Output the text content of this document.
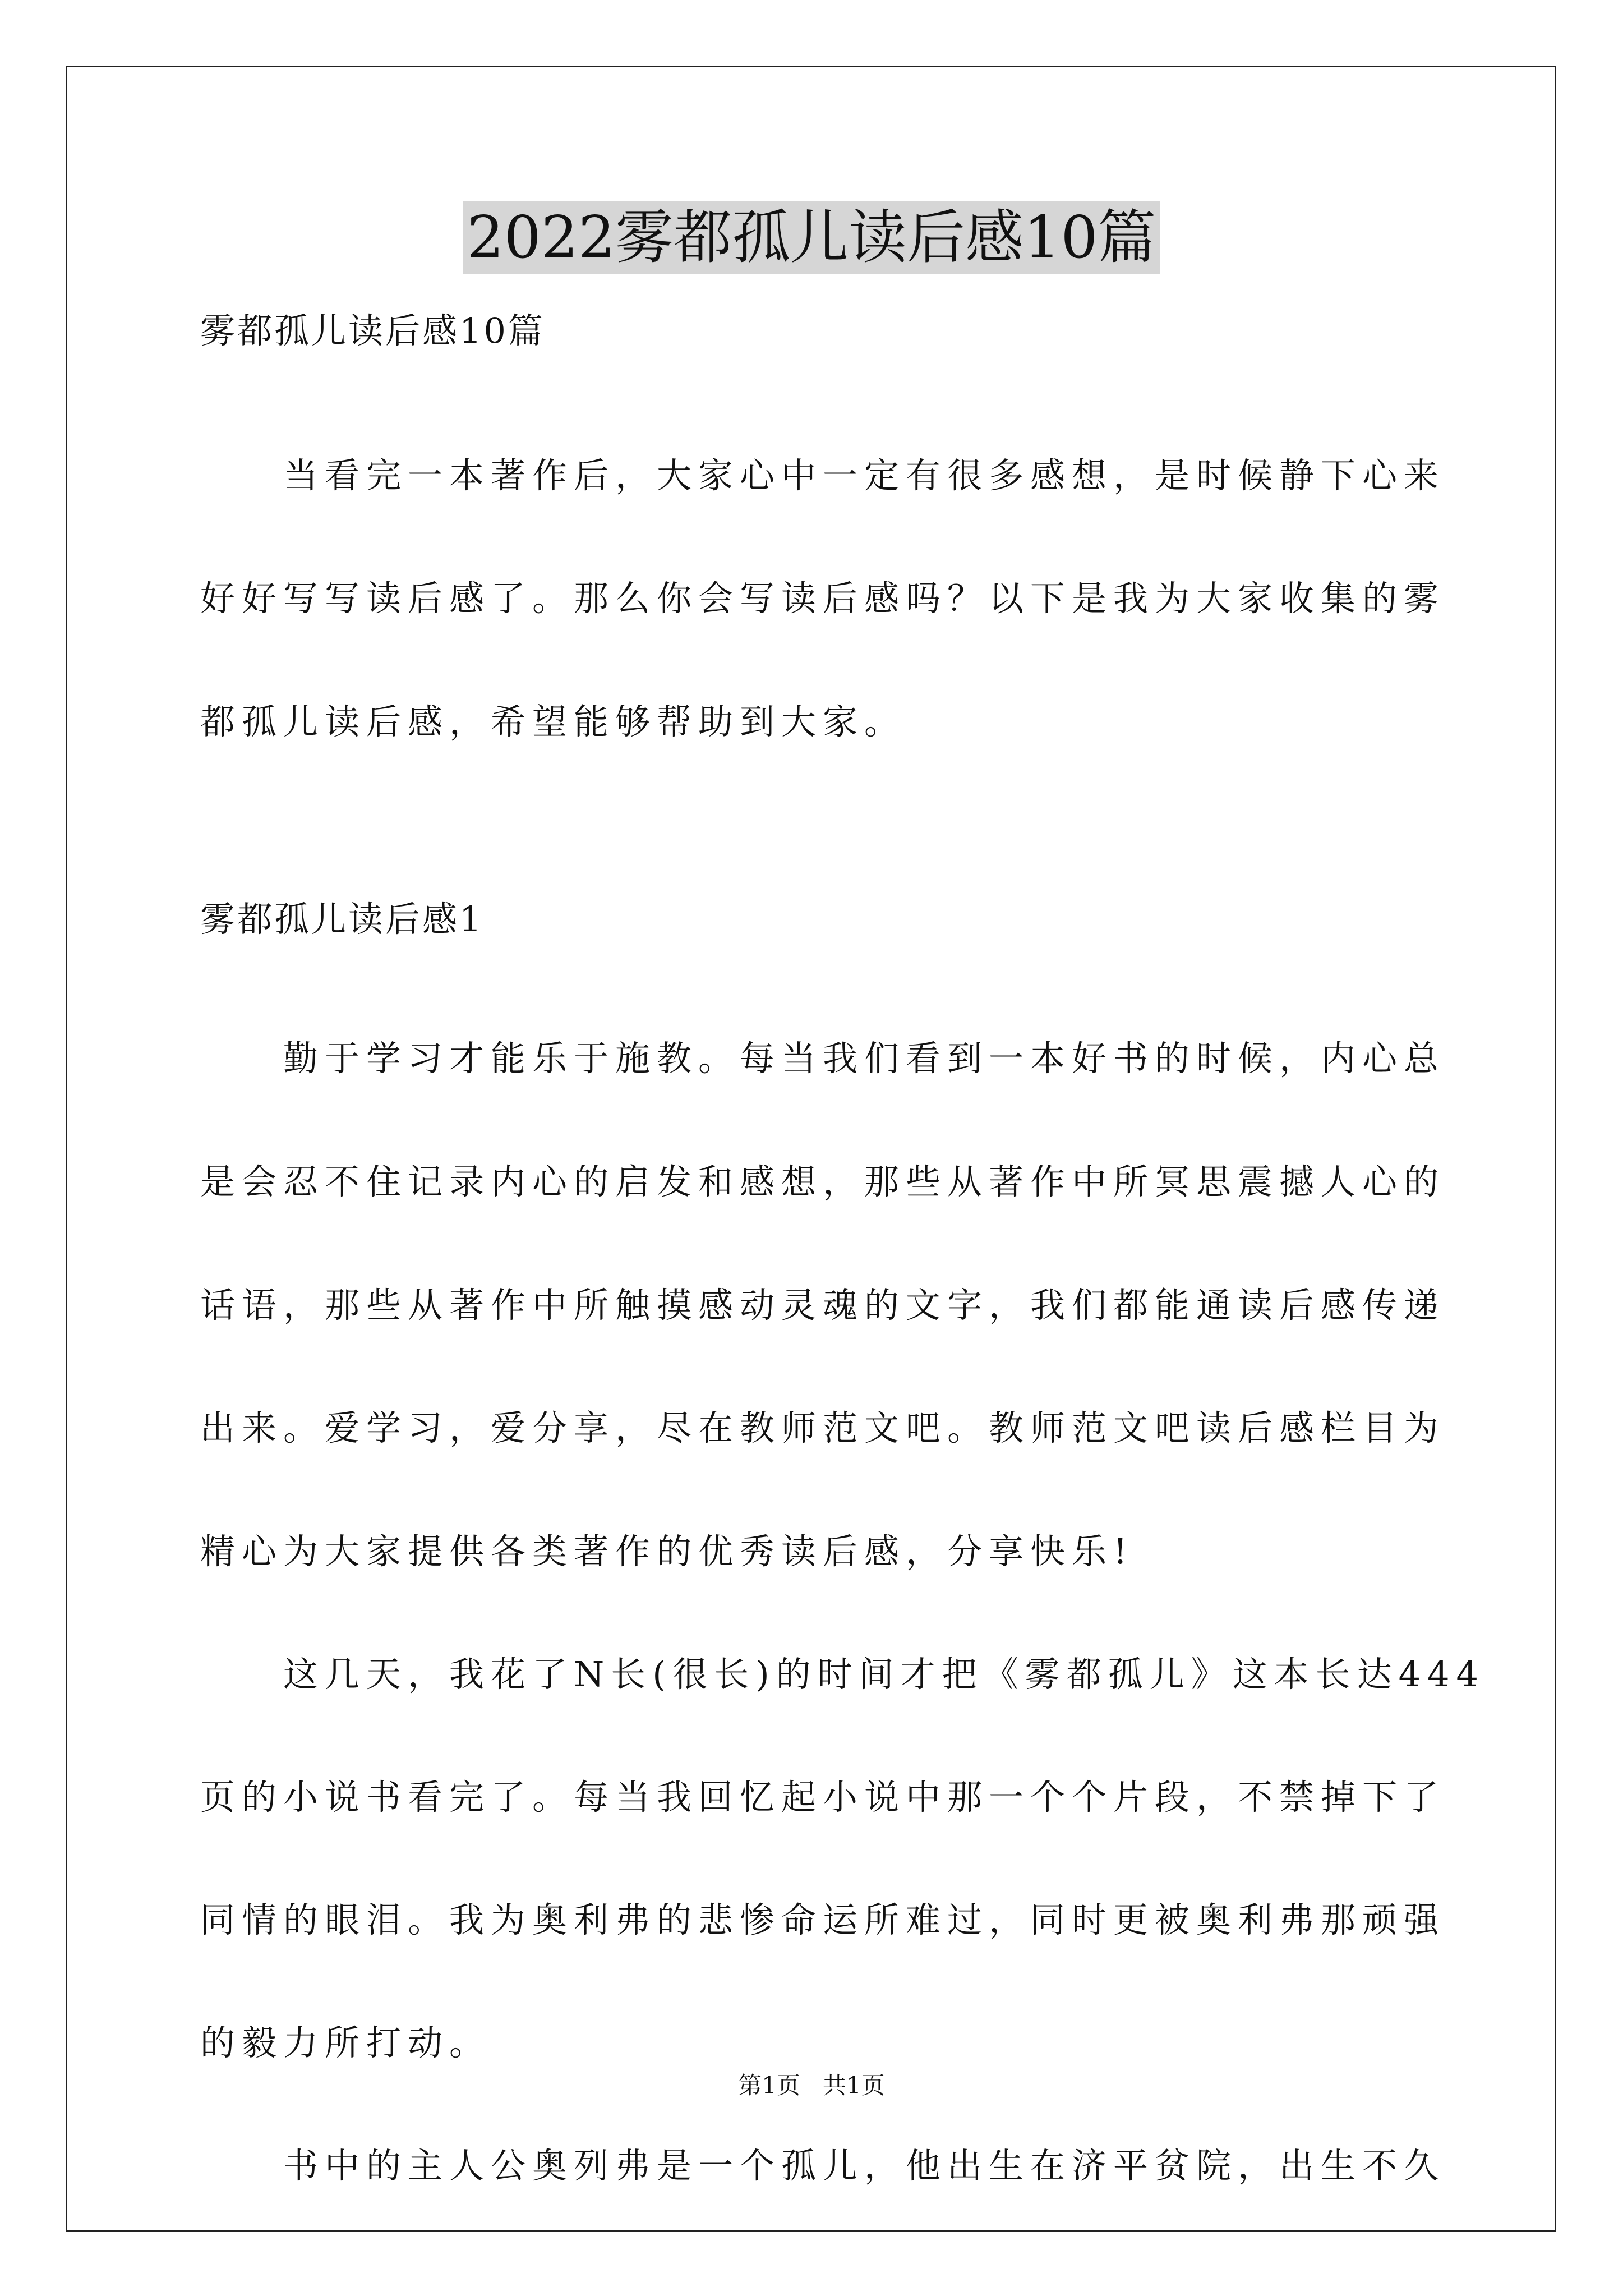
2022雾都孤儿读后感10篇
雾都孤儿读后感10篇
当看完一本著作后，大家心中一定有很多感想，是时候静下心来
好好写写读后感了。那么你会写读后感吗？以下是我为大家收集的雾
都孤儿读后感，希望能够帮助到大家。
雾都孤儿读后感1
勤于学习才能乐于施教。每当我们看到一本好书的时候，内心总
是会忍不住记录内心的启发和感想，那些从著作中所冥思震撼人心的
话语，那些从著作中所触摸感动灵魂的文字，我们都能通读后感传递
出来。爱学习，爱分享，尽在教师范文吧。教师范文吧读后感栏目为
精心为大家提供各类著作的优秀读后感，分享快乐!
这几天，我花了N长(很长)的时间才把《雾都孤儿》这本长达444
页的小说书看完了。每当我回忆起小说中那一个个片段，不禁掉下了
同情的眼泪。我为奥利弗的悲惨命运所难过，同时更被奥利弗那顽强
的毅力所打动。
书中的主人公奥列弗是一个孤儿，他出生在济平贫院，出生不久
第1页   共1页
